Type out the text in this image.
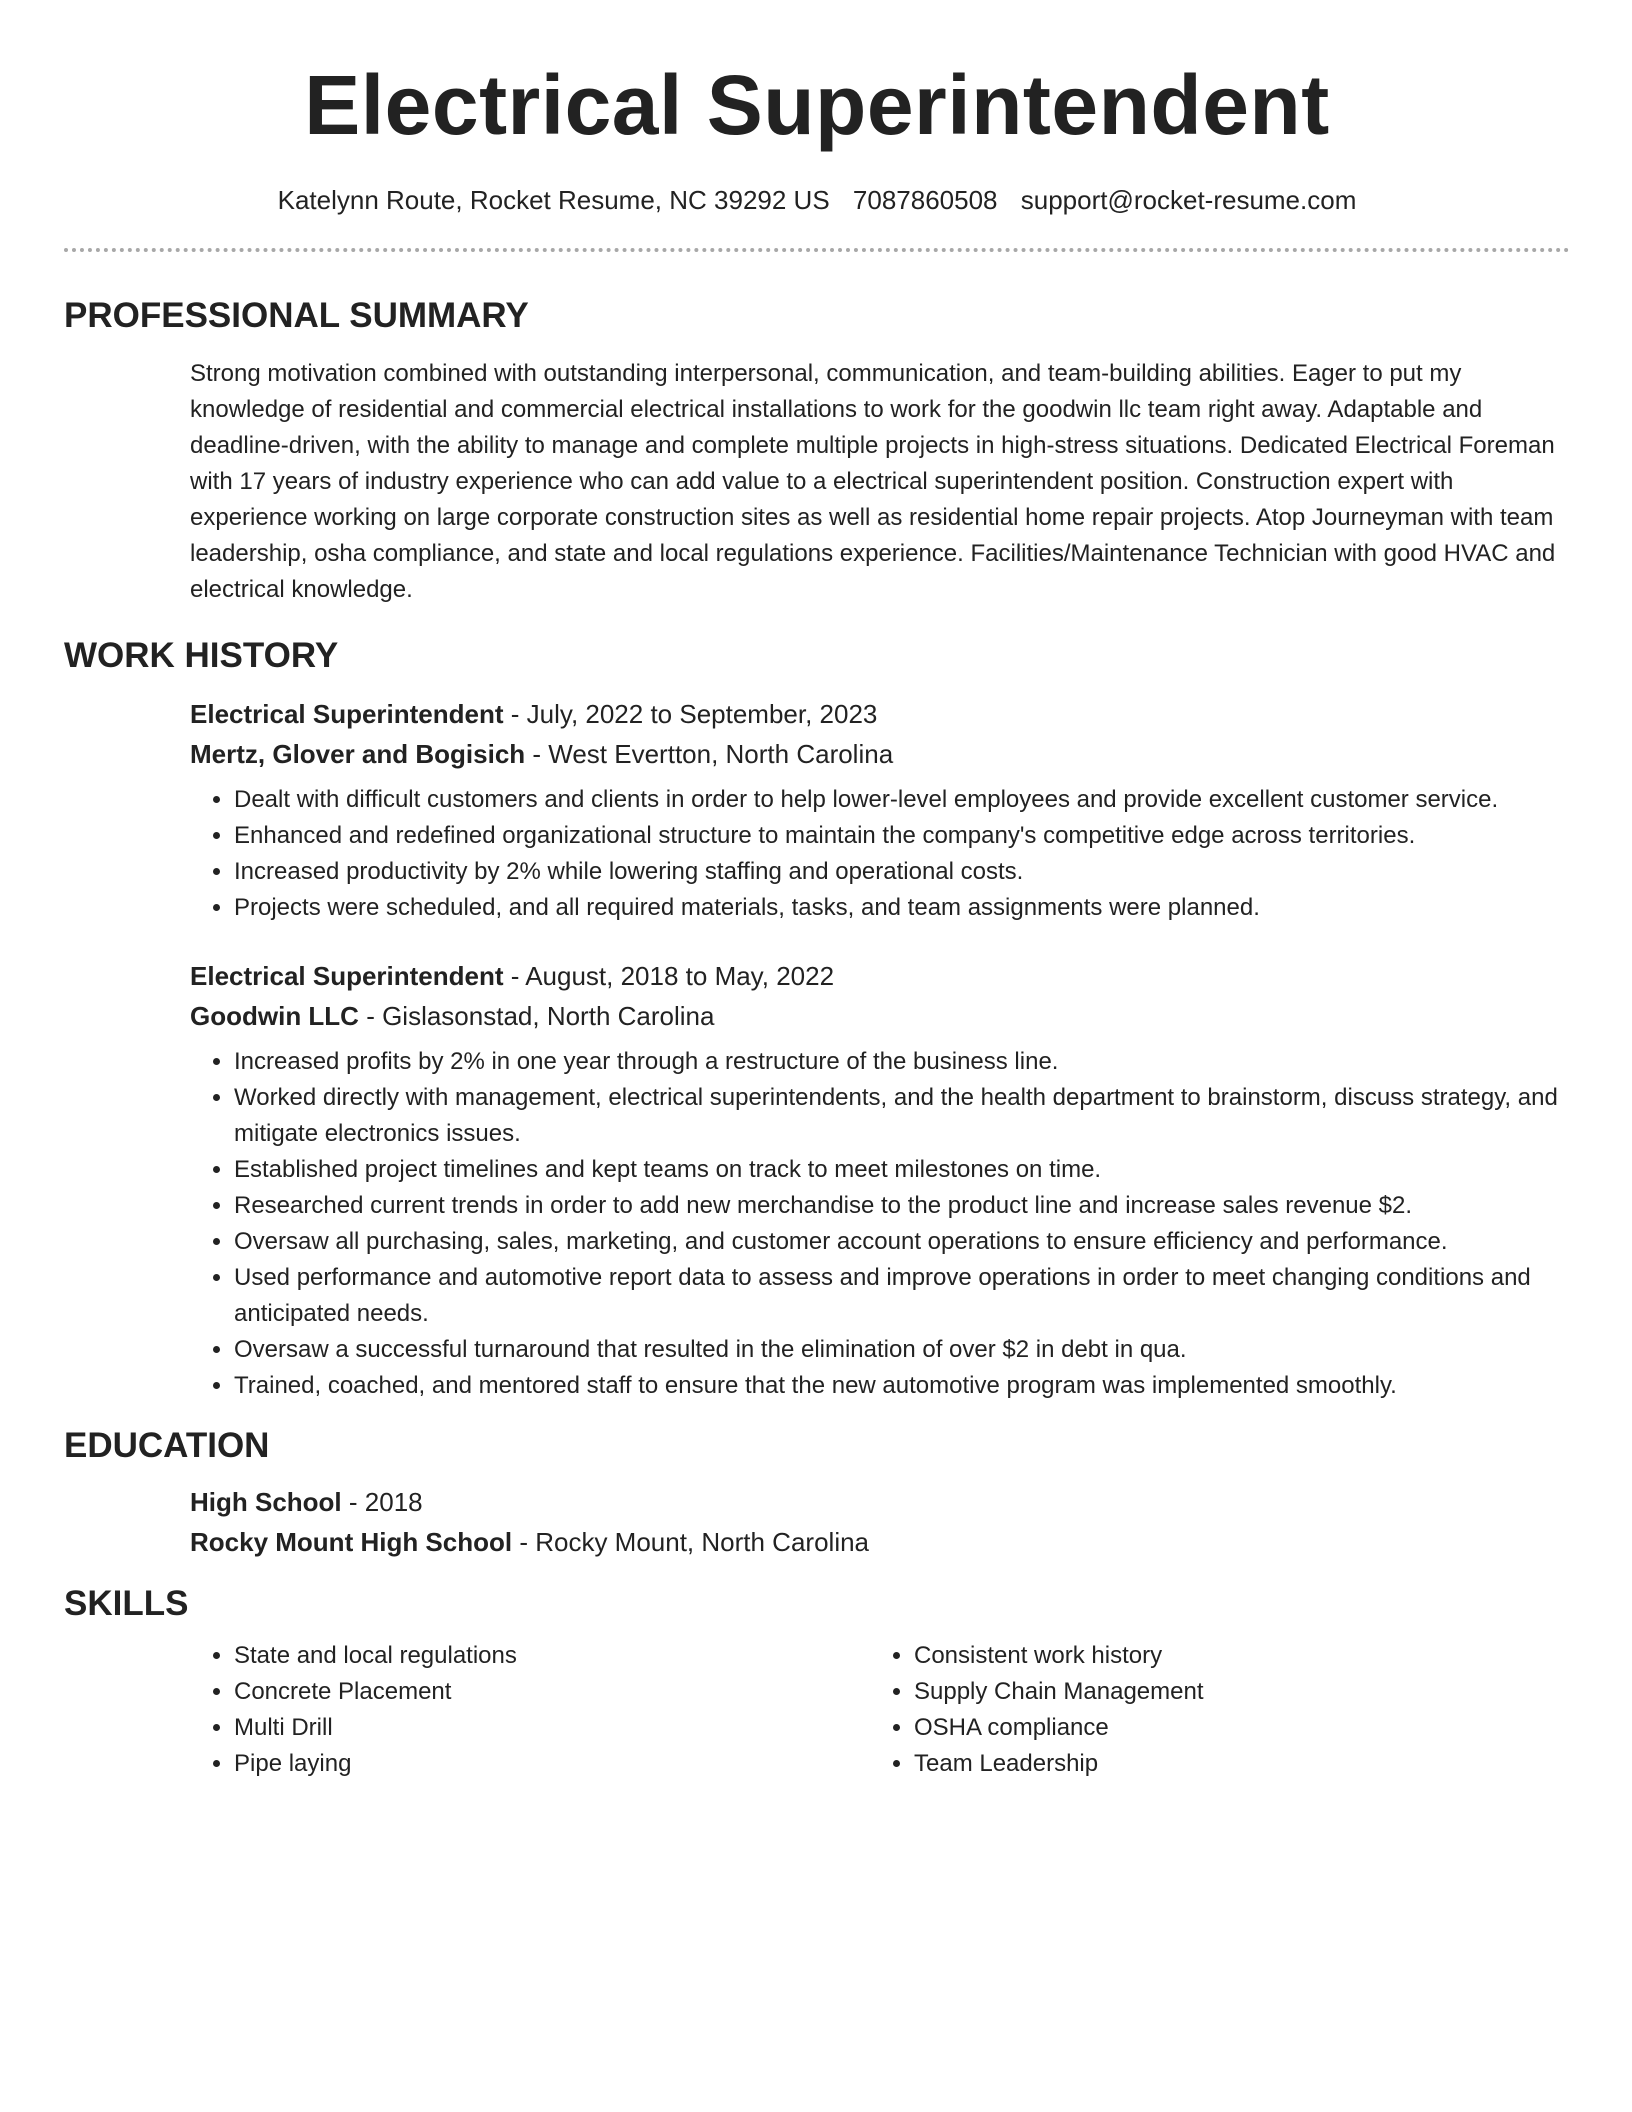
Electrical Superintendent
Katelynn Route, Rocket Resume, NC 39292 US 7087860508 support@rocket-resume.com
PROFESSIONAL SUMMARY
Strong motivation combined with outstanding interpersonal, communication, and team-building abilities. Eager to put my knowledge of residential and commercial electrical installations to work for the goodwin llc team right away. Adaptable and deadline-driven, with the ability to manage and complete multiple projects in high-stress situations. Dedicated Electrical Foreman with 17 years of industry experience who can add value to a electrical superintendent position. Construction expert with experience working on large corporate construction sites as well as residential home repair projects. Atop Journeyman with team leadership, osha compliance, and state and local regulations experience. Facilities/Maintenance Technician with good HVAC and electrical knowledge.
WORK HISTORY
Electrical Superintendent - July, 2022 to September, 2023
Mertz, Glover and Bogisich - West Evertton, North Carolina
• Dealt with difficult customers and clients in order to help lower-level employees and provide excellent customer service.
• Enhanced and redefined organizational structure to maintain the company's competitive edge across territories.
• Increased productivity by 2% while lowering staffing and operational costs.
• Projects were scheduled, and all required materials, tasks, and team assignments were planned.
Electrical Superintendent - August, 2018 to May, 2022
Goodwin LLC - Gislasonstad, North Carolina
• Increased profits by 2% in one year through a restructure of the business line.
• Worked directly with management, electrical superintendents, and the health department to brainstorm, discuss strategy, and mitigate electronics issues.
• Established project timelines and kept teams on track to meet milestones on time.
• Researched current trends in order to add new merchandise to the product line and increase sales revenue $2.
• Oversaw all purchasing, sales, marketing, and customer account operations to ensure efficiency and performance.
• Used performance and automotive report data to assess and improve operations in order to meet changing conditions and anticipated needs.
• Oversaw a successful turnaround that resulted in the elimination of over $2 in debt in qua.
• Trained, coached, and mentored staff to ensure that the new automotive program was implemented smoothly.
EDUCATION
High School - 2018
Rocky Mount High School - Rocky Mount, North Carolina
SKILLS
• State and local regulations
• Concrete Placement
• Multi Drill
• Pipe laying
• Consistent work history
• Supply Chain Management
• OSHA compliance
• Team Leadership
